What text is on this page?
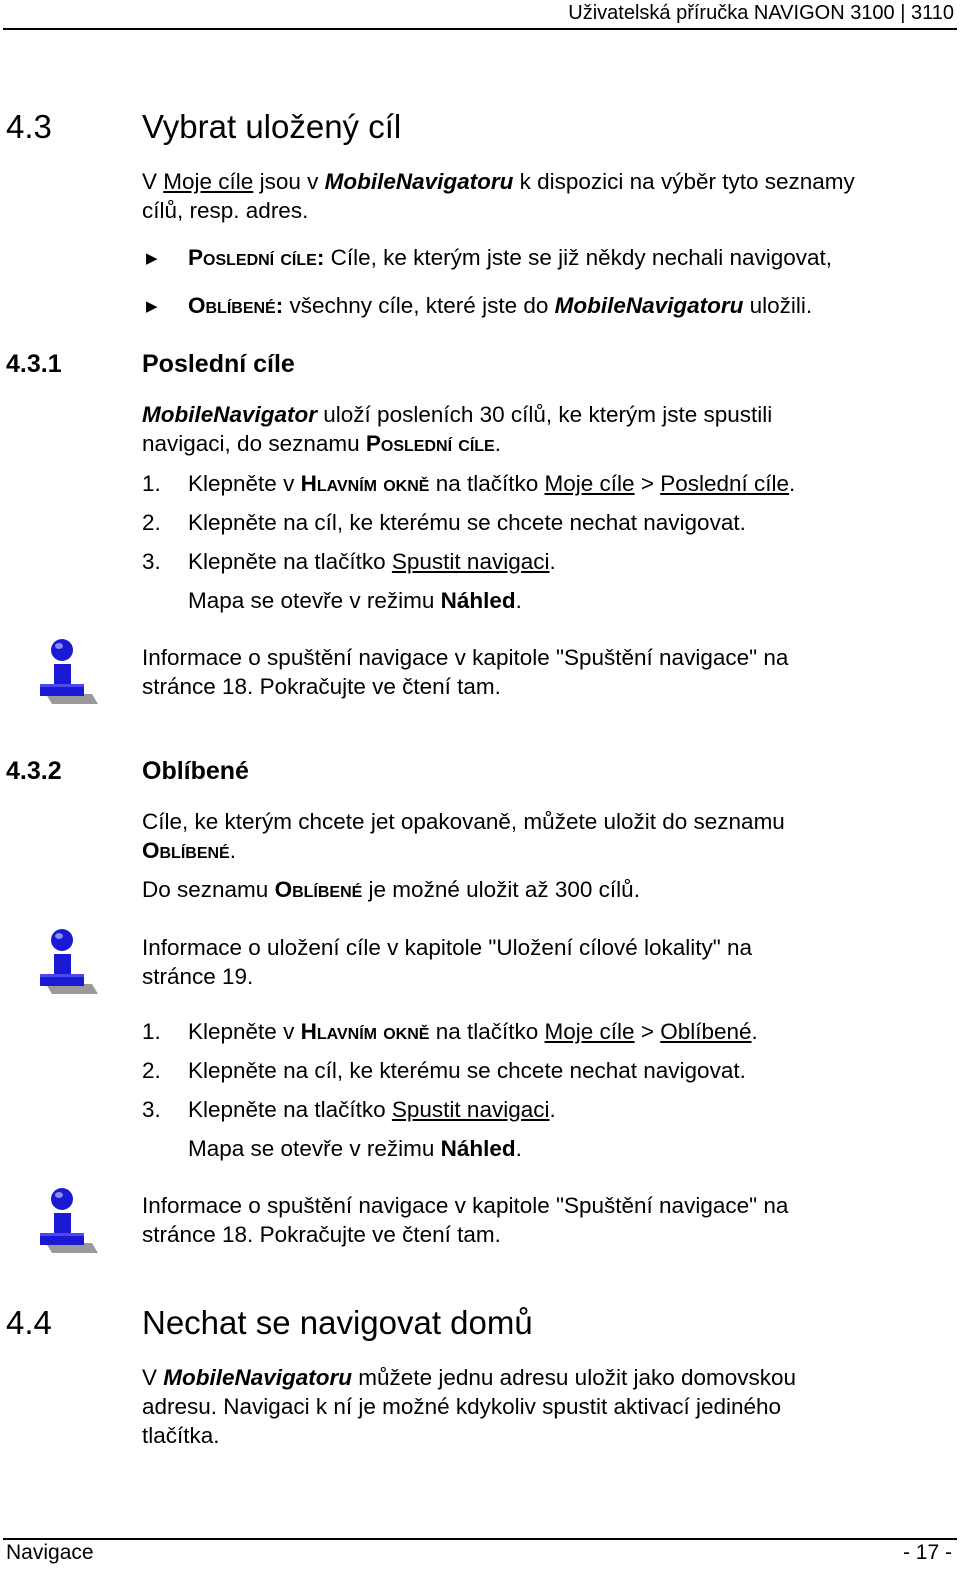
Uživatelská příručka NAVIGON 3100 | 3110
4.3	Vybrat uložený cíl
V Moje cíle jsou v MobileNavigatoru k dispozici na výběr tyto seznamy
cílů, resp. adres.
▶ Poslední cíle: Cíle, ke kterým jste se již někdy nechali navigovat,
▶ Oblíbené: všechny cíle, které jste do MobileNavigatoru uložili.
4.3.1	Poslední cíle
MobileNavigator uloží posleních 30 cílů, ke kterým jste spustili
navigaci, do seznamu Poslední cíle.
1. Klepněte v Hlavním okně na tlačítko Moje cíle > Poslední cíle.
2. Klepněte na cíl, ke kterému se chcete nechat navigovat.
3. Klepněte na tlačítko Spustit navigaci.
Mapa se otevře v režimu Náhled.
Informace o spuštění navigace v kapitole "Spuštění navigace" na
stránce 18. Pokračujte ve čtení tam.
4.3.2	Oblíbené
Cíle, ke kterým chcete jet opakovaně, můžete uložit do seznamu
Oblíbené.
Do seznamu Oblíbené je možné uložit až 300 cílů.
Informace o uložení cíle v kapitole "Uložení cílové lokality" na
stránce 19.
1. Klepněte v Hlavním okně na tlačítko Moje cíle > Oblíbené.
2. Klepněte na cíl, ke kterému se chcete nechat navigovat.
3. Klepněte na tlačítko Spustit navigaci.
Mapa se otevře v režimu Náhled.
Informace o spuštění navigace v kapitole "Spuštění navigace" na
stránce 18. Pokračujte ve čtení tam.
4.4	Nechat se navigovat domů
V MobileNavigatoru můžete jednu adresu uložit jako domovskou
adresu. Navigaci k ní je možné kdykoliv spustit aktivací jediného
tlačítka.
Navigace	- 17 -
